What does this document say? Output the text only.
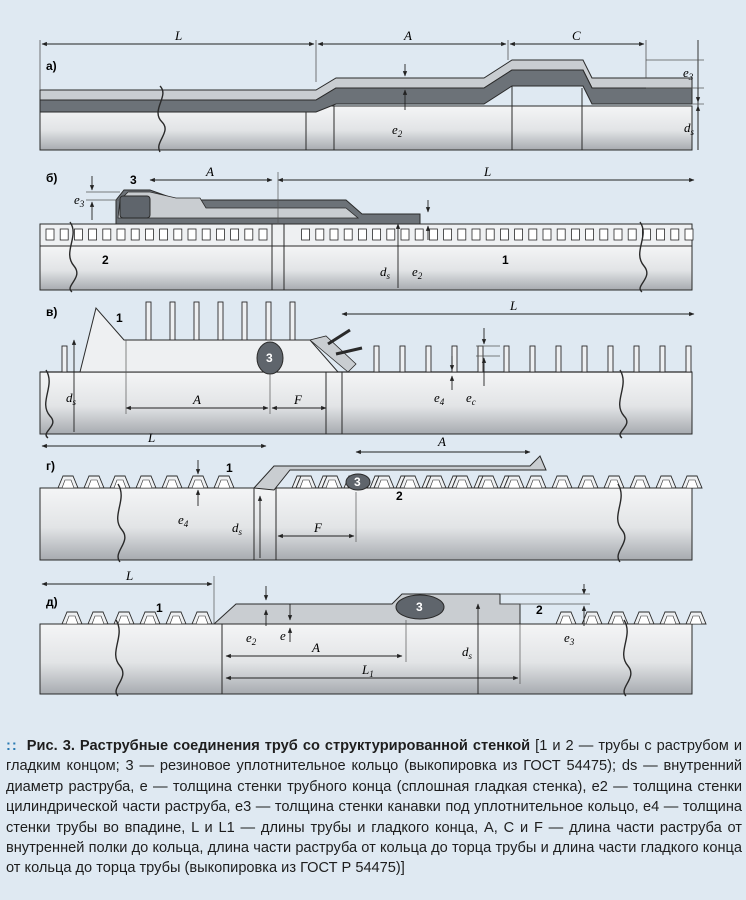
L	A	C
$e_3$
$d_s$
$e_2$
а)
3
A	L
$e_3$
$d_s$ $e_2$
2	1
б)
3
1
L
A	F
$d_s$	$e_4$ $e_c$
в)
3
L	A
F
$e_4$	$d_s$
1
2
г)
3
L
A
$L_1$
$e_2$ e
$d_s$
$e_3$
1	2
д)
:: Рис. 3. Раструбные соединения труб со структурированной стенкой [1 и 2 — трубы с раструбом и гладким концом; 3 — резиновое уплотнительное кольцо (выкопировка из ГОСТ 54475); ds — внутренний диаметр раструба, e — толщина стенки трубного конца (сплошная гладкая стенка), e2 — толщина стенки цилиндрической части раструба, e3 — толщина стенки канавки под уплотнительное кольцо, e4 — толщина стенки трубы во впадине, L и L1 — длины трубы и гладкого конца, A, C и F — длина части раструба от внутренней полки до кольца, длина части раструба от кольца до торца трубы и длина части гладкого конца от кольца до торца трубы (выкопировка из ГОСТ Р 54475)]
